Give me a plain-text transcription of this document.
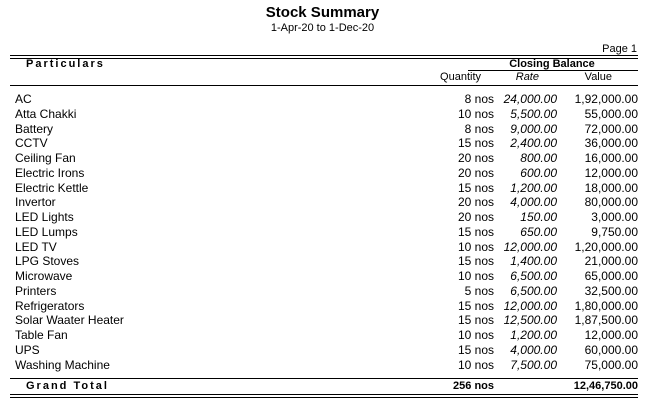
Stock Summary
1-Apr-20 to 1-Dec-20
Page 1
Particulars	Closing Balance
Quantity	Rate	Value
AC	8 nos 24,000.00 1,92,000.00
Atta Chakki	10 nos 5,500.00 55,000.00
Battery	8 nos 9,000.00 72,000.00
CCTV	15 nos 2,400.00 36,000.00
Ceiling Fan	20 nos 800.00 16,000.00
Electric Irons	20 nos 600.00 12,000.00
Electric Kettle	15 nos 1,200.00 18,000.00
Invertor	20 nos 4,000.00 80,000.00
LED Lights	20 nos 150.00	3,000.00
LED Lumps	15 nos 650.00	9,750.00
LED TV	10 nos 12,000.00 1,20,000.00
LPG Stoves	15 nos 1,400.00 21,000.00
Microwave	10 nos 6,500.00 65,000.00
Printers	5 nos 6,500.00 32,500.00
Refrigerators	15 nos 12,000.00 1,80,000.00
Solar Waater Heater	15 nos 12,500.00 1,87,500.00
Table Fan	10 nos 1,200.00 12,000.00
UPS	15 nos 4,000.00 60,000.00
Washing Machine	10 nos 7,500.00 75,000.00
Grand Total	256 nos	12,46,750.00
